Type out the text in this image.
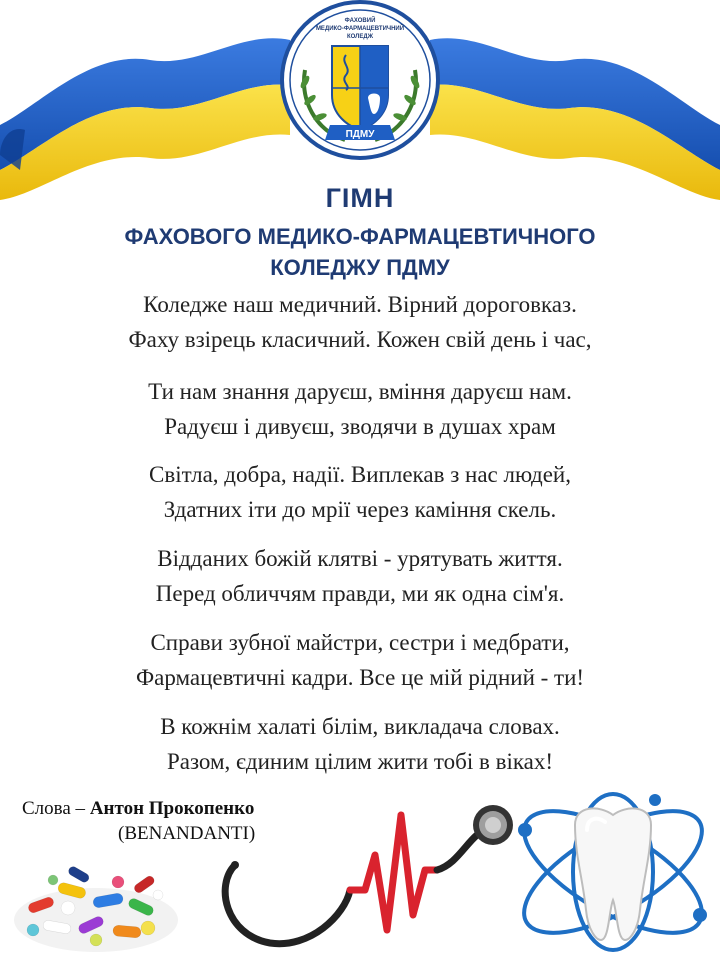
ПДМУ
ФАХОВИЙ
МЕДИКО-ФАРМАЦЕВТИЧНИЙ
КОЛЕДЖ
ГІМН
ФАХОВОГО МЕДИКО-ФАРМАЦЕВТИЧНОГО
КОЛЕДЖУ ПДМУ
Коледже наш медичний. Вірний дороговказ.
Фаху взірець класичний. Кожен свій день і час,
Ти нам знання даруєш, вміння даруєш нам.
Радуєш і дивуєш, зводячи в душах храм
Світла, добра, надії. Виплекав з нас людей,
Здатних іти до мрії через каміння скель.
Відданих божій клятві - урятувать життя.
Перед обличчям правди, ми як одна сім'я.
Справи зубної майстри, сестри і медбрати,
Фармацевтичні кадри. Все це мій рідний - ти!
В кожнім халаті білім, викладача словах.
Разом, єдиним цілим жити тобі в віках!
Слова – Антон Прокопенко
(BENANDANTI)
